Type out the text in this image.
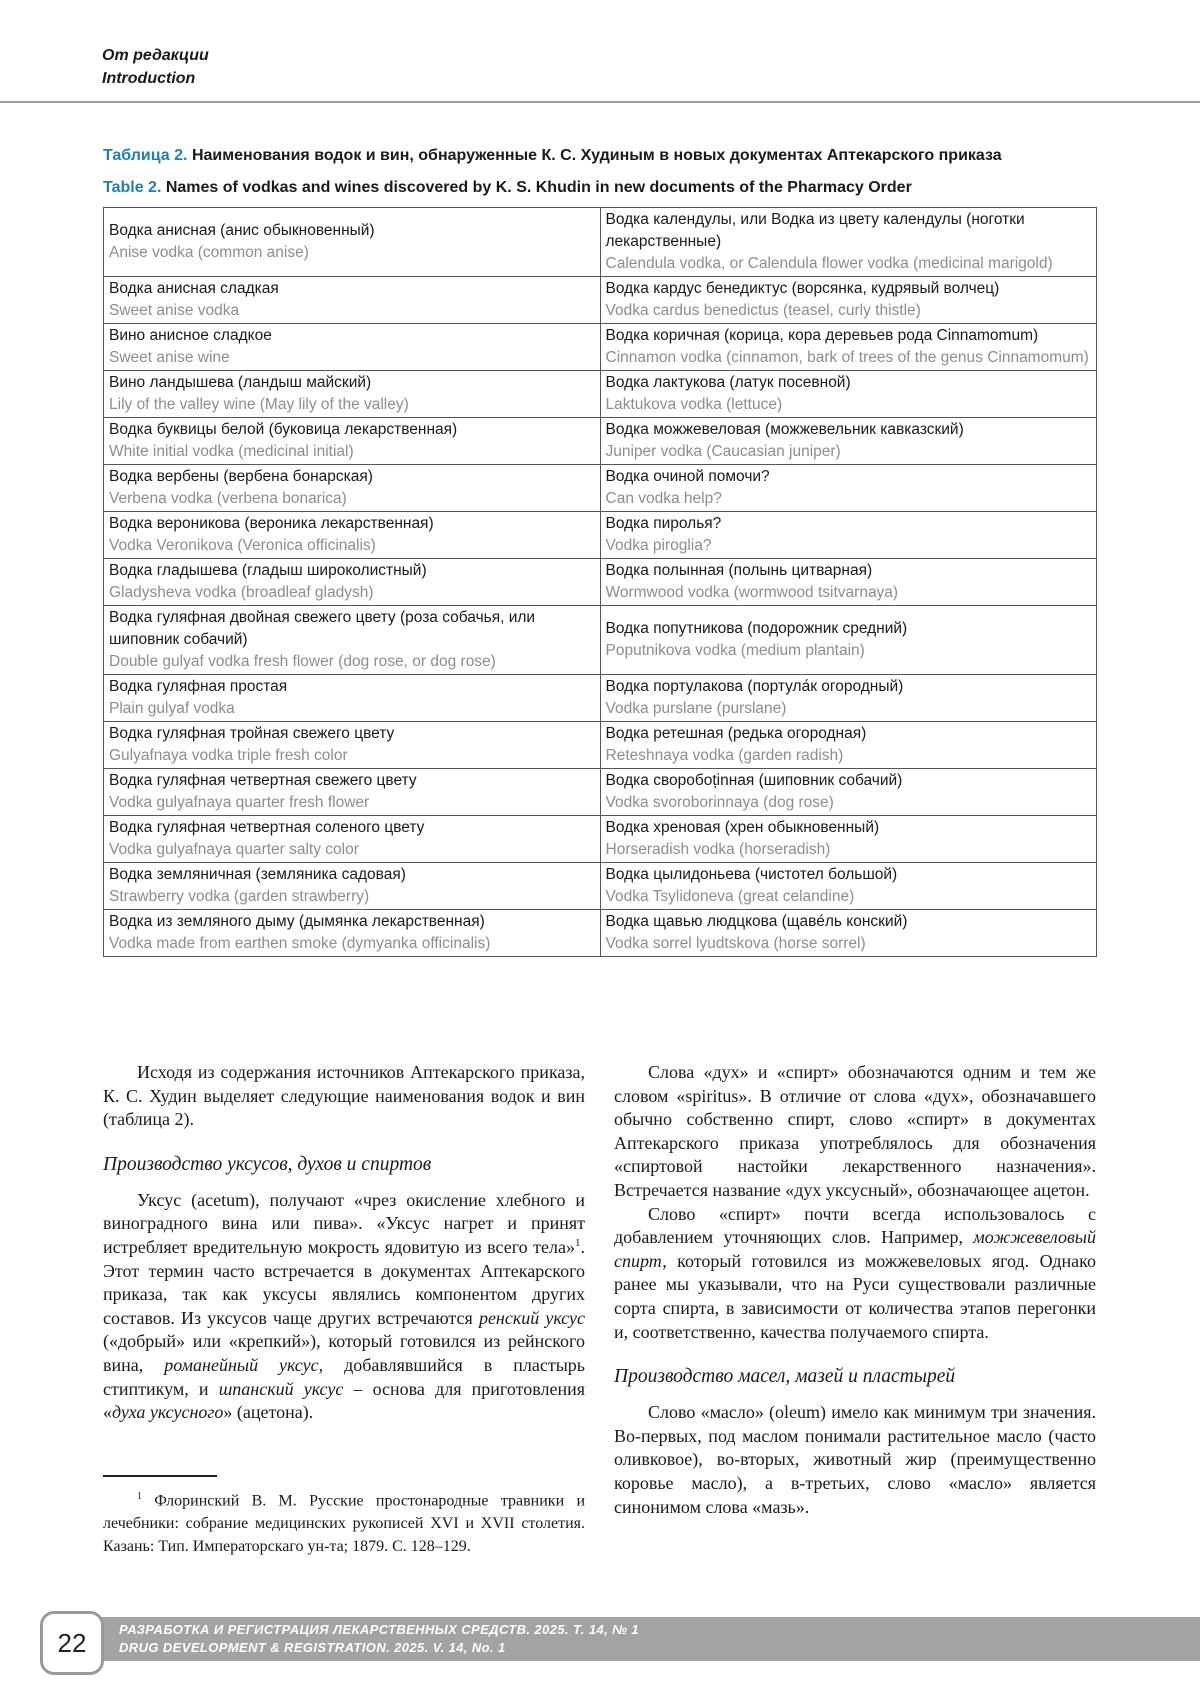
От редакции
Introduction
Таблица 2. Наименования водок и вин, обнаруженные К. С. Худиным в новых документах Аптекарского приказа
Table 2. Names of vodkas and wines discovered by K. S. Khudin in new documents of the Pharmacy Order
Водка анисная (анис обыкновенный)
Anise vodka (common anise)	Водка календулы, или Водка из цвету календулы (ноготки лекарственные)
Calendula vodka, or Calendula flower vodka (medicinal marigold)

Водка анисная сладкая
Sweet anise vodka	Водка кардус бенедиктус (ворсянка, кудрявый волчец)
Vodka cardus benedictus (teasel, curly thistle)

Вино анисное сладкое
Sweet anise wine	Водка коричная (корица, кора деревьев рода Cinnamomum)
Cinnamon vodka (cinnamon, bark of trees of the genus Cinnamomum)

Вино ландышева (ландыш майский)
Lily of the valley wine (May lily of the valley)	Водка лактукова (латук посевной)
Laktukova vodka (lettuce)

Водка буквицы белой (буковица лекарственная)
White initial vodka (medicinal initial)	Водка можжевеловая (можжевельник кавказский)
Juniper vodka (Caucasian juniper)

Водка вербены (вербена бонарская)
Verbena vodka (verbena bonarica)	Водка очиной помочи?
Can vodka help?

Водка вероникова (вероника лекарственная)
Vodka Veronikova (Veronica officinalis)	Водка пиролья?
Vodka piroglia?

Водка гладышева (гладыш широколистный)
Gladysheva vodka (broadleaf gladysh)	Водка полынная (полынь цитварная)
Wormwood vodka (wormwood tsitvarnaya)

Водка гуляфная двойная свежего цвету (роза собачья, или шиповник собачий)
Double gulyaf vodka fresh flower (dog rose, or dog rose)	Водка попутникова (подорожник средний)
Poputnikova vodka (medium plantain)

Водка гуляфная простая
Plain gulyaf vodka	Водка портулакова (портула́к огородный)
Vodka purslane (purslane)

Водка гуляфная тройная свежего цвету
Gulyafnaya vodka triple fresh color	Водка ретешная (редька огородная)
Reteshnaya vodka (garden radish)

Водка гуляфная четвертная свежего цвету
Vodka gulyafnaya quarter fresh flower	Водка своробоținная (шиповник собачий)
Vodka svoroborinnaya (dog rose)

Водка гуляфная четвертная соленого цвету
Vodka gulyafnaya quarter salty color	Водка хреновая (хрен обыкновенный)
Horseradish vodka (horseradish)

Водка земляничная (земляника садовая)
Strawberry vodka (garden strawberry)	Водка цылидоньева (чистотел большой)
Vodka Tsylidoneva (great celandine)

Водка из земляного дыму (дымянка лекарственная)
Vodka made from earthen smoke (dymyanka officinalis)	Водка щавью людцкова (щаве́ль конский)
Vodka sorrel lyudtskova (horse sorrel)

Исходя из содержания источников Аптекарского приказа, К. С. Худин выделяет следующие наименования водок и вин (таблица 2).

Производство уксусов, духов и спиртов

Уксус (acetum), получают «чрез окисление хлебного и виноградного вина или пива». «Уксус нагрет и принят истребляет вредительную мокрость ядовитую из всего тела»$^1$. Этот термин часто встречается в документах Аптекарского приказа, так как уксусы являлись компонентом других составов. Из уксусов чаще других встречаются ренский уксус («добрый» или «крепкий»), который готовился из рейнского вина, романейный уксус, добавлявшийся в пластырь стиптикум, и шпанский уксус – основа для приготовления «духа уксусного» (ацетона).

$^1$ Флоринский В. М. Русские простонародные травники и лечебники: собрание медицинских рукописей XVI и XVII столетия. Казань: Тип. Императорскаго ун-та; 1879. С. 128–129.

Слова «дух» и «спирт» обозначаются одним и тем же словом «spiritus». В отличие от слова «дух», обозначавшего обычно собственно спирт, слово «спирт» в документах Аптекарского приказа употреблялось для обозначения «спиртовой настойки лекарственного назначения». Встречается название «дух уксусный», обозначающее ацетон.

Слово «спирт» почти всегда использовалось с добавлением уточняющих слов. Например, можжевеловый спирт, который готовился из можжевеловых ягод. Однако ранее мы указывали, что на Руси существовали различные сорта спирта, в зависимости от количества этапов перегонки и, соответственно, качества получаемого спирта.

Производство масел, мазей и пластырей

Слово «масло» (oleum) имело как минимум три значения. Во-первых, под маслом понимали растительное масло (часто оливковое), во-вторых, животный жир (преимущественно коровье масло), а в-третьих, слово «масло» является синонимом слова «мазь».

22	РАЗРАБОТКА И РЕГИСТРАЦИЯ ЛЕКАРСТВЕННЫХ СРЕДСТВ. 2025. Т. 14, № 1
DRUG DEVELOPMENT & REGISTRATION. 2025. V. 14, No. 1
